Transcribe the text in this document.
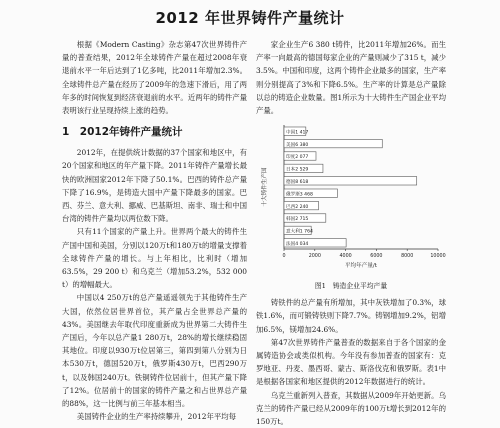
2012 年世界铸件产量统计

根据《Modern Casting》杂志第47次世界铸件产量的普查结果，2012年全球铸件产量在超过2008年衰退前水平一年后达到了1亿多吨，比2011年增加2.3%。全球铸件总产量在经历了2009年的急速下滑后，用了两年多的时间恢复到经济衰退前的水平。近两年的铸件产量表明该行业呈现持续上涨的趋势。

1　2012年铸件产量统计

2012年，在提供统计数据的37个国家和地区中，有20个国家和地区的年产量下降。2011年铸件产量增长最快的欧洲国家2012年下降了50.1%。巴西的铸件总产量下降了16.9%，是铸造大国中产量下降最多的国家。巴西、芬兰、意大利、挪威、巴基斯坦、南非、瑞士和中国台湾的铸件产量均以两位数下降。

只有11个国家的产量上升。世界两个最大的铸件生产国中国和美国，分别以120万t和180万t的增量支撑着全球铸件产量的增长。与上年相比，比利时（增加63.5%，29 200 t）和乌克兰（增加53.2%，532 000 t）的增幅最大。

中国以4 250万t的总产量遥遥领先于其他铸件生产大国，依然位居世界首位，其产量占全世界总产量的43%。美国继去年取代印度重新成为世界第二大铸件生产国后，今年以总产量1 280万t，28%的增长继续稳固其地位。印度以930万t位居第三，第四到第八分别为日本530万t，德国520万t，俄罗斯430万t，巴西290万t，以及韩国240万t。铁铜铸件位居前十，但其产量下降了12%。位居前十的国家的铸件产量之和占世界总产量的88%，这一比例与前三年基本相当。

美国铸件企业的生产率持续攀升，2012年平均每

家企业生产6 380 t铸件，比2011年增加26%。而生产率一向最高的德国每家企业的产量则减少了315 t，减少3.5%。中国和印度，这两个铸件企业最多的国家，生产率则分别提高了3%和下降6.5%。生产率的计算是总产量除以总的铸造企业数量。图1所示为十大铸件生产国企业平均产量。

中国1 417
美国6 380
印度2 077
日本2 529
德国8 618
俄罗斯3 468
巴西2 240
韩国2 715
意大利1 764
法国4 034
0	2000	4000	6000	8000	10000
平均年产量/t
十大铸件生产国
图1　铸造企业平均产量

铸铁件的总产量有所增加，其中灰铁增加了0.3%，球铁1.6%，而可锻铸铁则下降7.7%。铸钢增加9.2%，铝增加6.5%，镁增加24.6%。

第47次世界铸件产量普查的数据来自于各个国家的金属铸造协会或类似机构。今年没有参加普查的国家有：克罗地亚、丹麦、墨西哥、蒙古、斯洛伐克和俄罗斯。表1中是根据各国家和地区提供的2012年数据进行的统计。

乌克兰重新列入普查，其数据从2009年开始更新。乌克兰的铸件产量已经从2009年的100万t增长到2012年的150万t。
